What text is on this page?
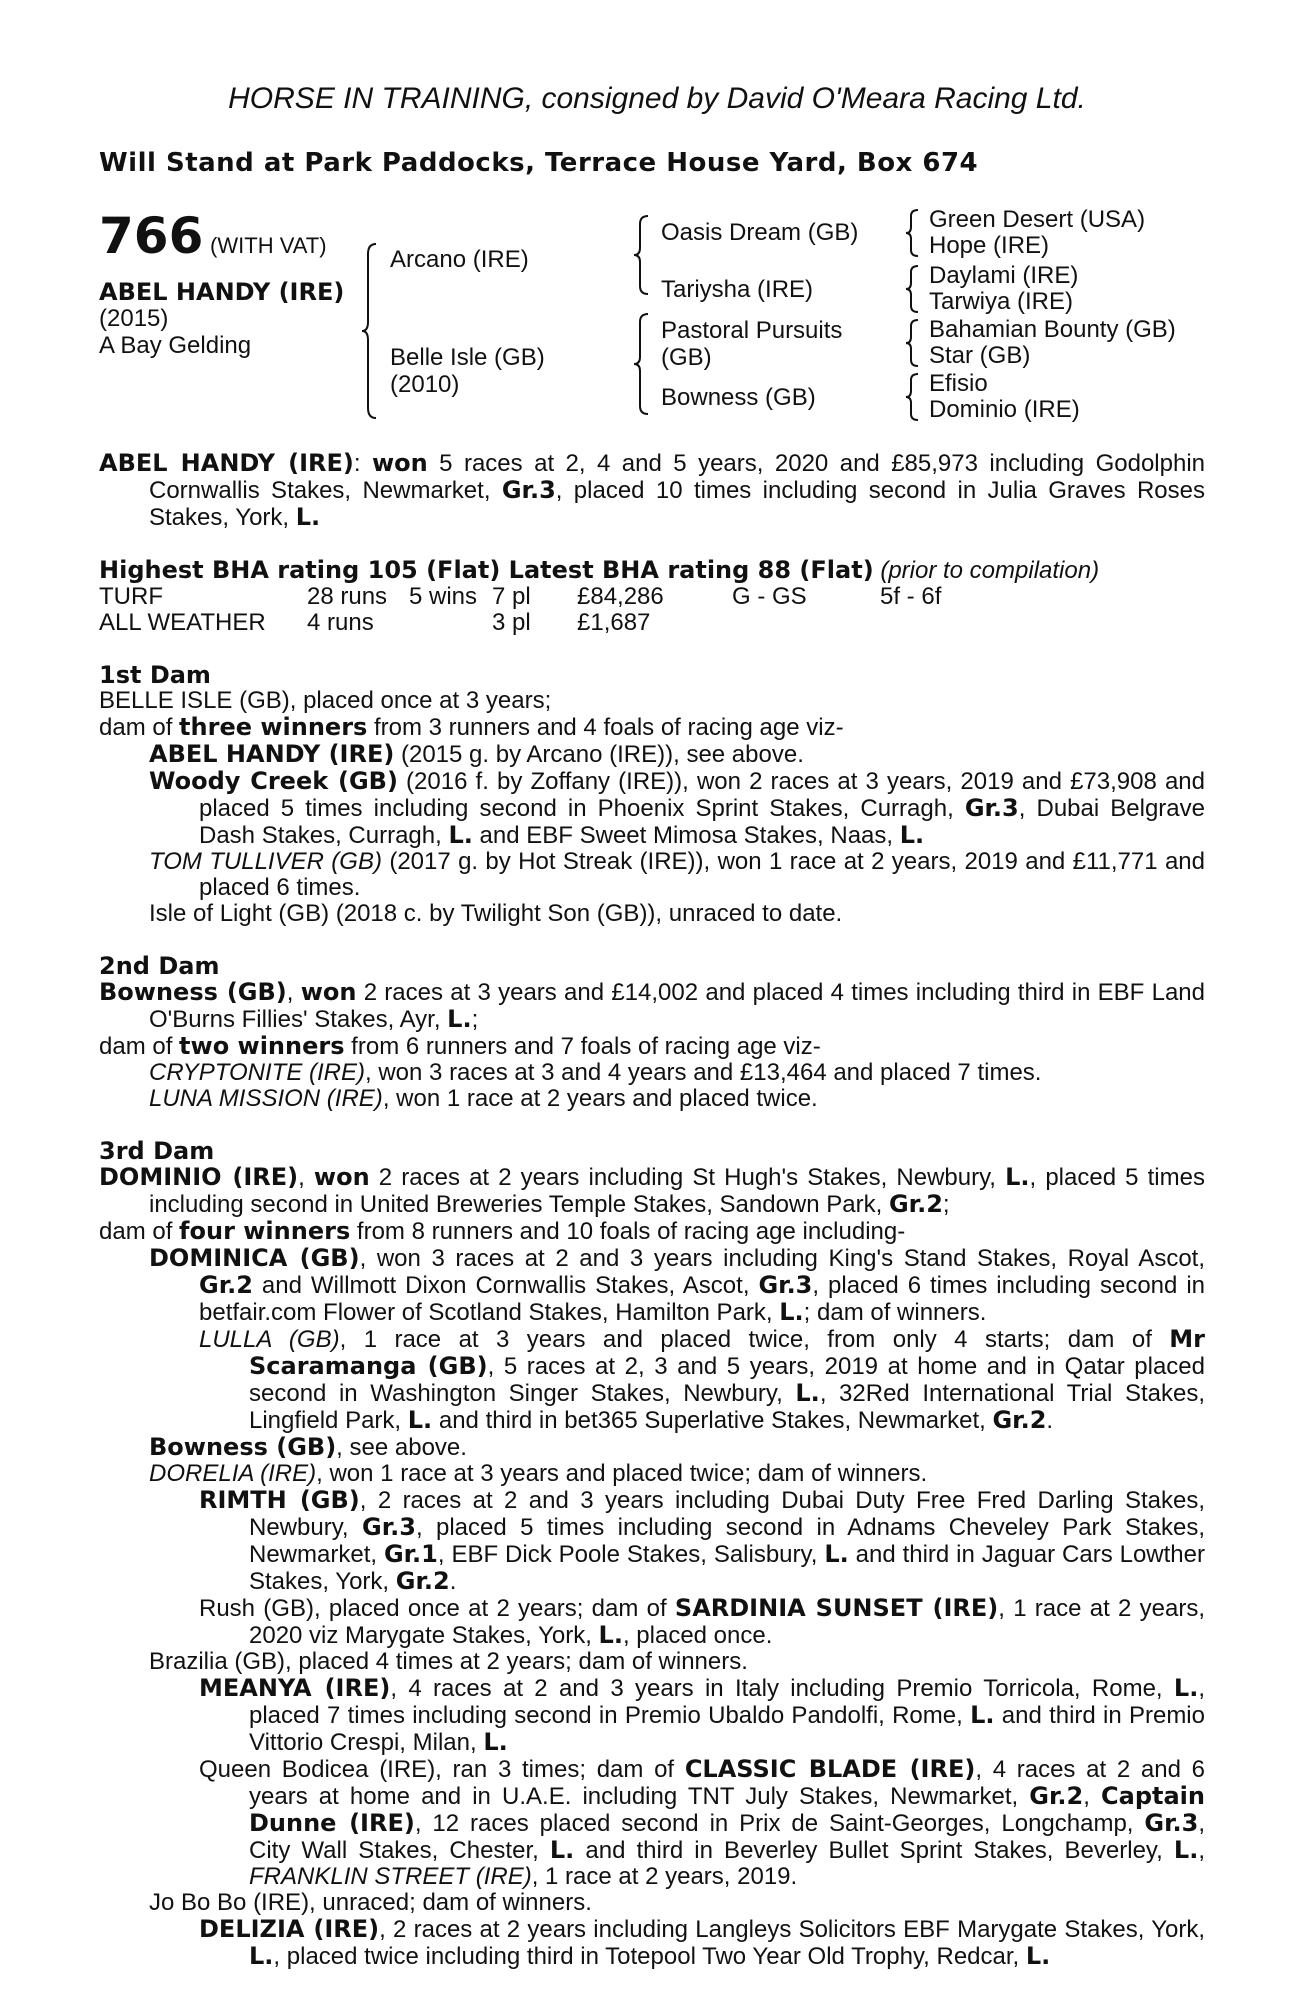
HORSE IN TRAINING, consigned by David O'Meara Racing Ltd.
Will Stand at Park Paddocks, Terrace House Yard, Box 674
766 (WITH VAT)
ABEL HANDY (IRE)
(2015)
A Bay Gelding
Arcano (IRE)
Belle Isle (GB)
(2010)
Oasis Dream (GB)
Tariysha (IRE)
Pastoral Pursuits
(GB)
Bowness (GB)
Green Desert (USA)
Hope (IRE)
Daylami (IRE)
Tarwiya (IRE)
Bahamian Bounty (GB)
Star (GB)
Efisio
Dominio (IRE)

ABEL HANDY (IRE): won 5 races at 2, 4 and 5 years, 2020 and £85,973 including Godolphin Cornwallis Stakes, Newmarket, Gr.3, placed 10 times including second in Julia Graves Roses Stakes, York, L.

Highest BHA rating 105 (Flat) Latest BHA rating 88 (Flat) (prior to compilation)
TURF	28 runs 5 wins 7 pl £84,286	G - GS	5f - 6f
ALL WEATHER 4 runs	3 pl £1,687
1st Dam

BELLE ISLE (GB), placed once at 3 years;

dam of three winners from 3 runners and 4 foals of racing age viz-

ABEL HANDY (IRE) (2015 g. by Arcano (IRE)), see above.

Woody Creek (GB) (2016 f. by Zoffany (IRE)), won 2 races at 3 years, 2019 and £73,908 and placed 5 times including second in Phoenix Sprint Stakes, Curragh, Gr.3, Dubai Belgrave Dash Stakes, Curragh, L. and EBF Sweet Mimosa Stakes, Naas, L.

TOM TULLIVER (GB) (2017 g. by Hot Streak (IRE)), won 1 race at 2 years, 2019 and £11,771 and placed 6 times.

Isle of Light (GB) (2018 c. by Twilight Son (GB)), unraced to date.

2nd Dam

Bowness (GB), won 2 races at 3 years and £14,002 and placed 4 times including third in EBF Land O'Burns Fillies' Stakes, Ayr, L.;

dam of two winners from 6 runners and 7 foals of racing age viz-

CRYPTONITE (IRE), won 3 races at 3 and 4 years and £13,464 and placed 7 times.

LUNA MISSION (IRE), won 1 race at 2 years and placed twice.

3rd Dam

DOMINIO (IRE), won 2 races at 2 years including St Hugh's Stakes, Newbury, L., placed 5 times including second in United Breweries Temple Stakes, Sandown Park, Gr.2;

dam of four winners from 8 runners and 10 foals of racing age including-

DOMINICA (GB), won 3 races at 2 and 3 years including King's Stand Stakes, Royal Ascot, Gr.2 and Willmott Dixon Cornwallis Stakes, Ascot, Gr.3, placed 6 times including second in betfair.com Flower of Scotland Stakes, Hamilton Park, L.; dam of winners.

LULLA (GB), 1 race at 3 years and placed twice, from only 4 starts; dam of Mr Scaramanga (GB), 5 races at 2, 3 and 5 years, 2019 at home and in Qatar placed second in Washington Singer Stakes, Newbury, L., 32Red International Trial Stakes, Lingfield Park, L. and third in bet365 Superlative Stakes, Newmarket, Gr.2.

Bowness (GB), see above.

DORELIA (IRE), won 1 race at 3 years and placed twice; dam of winners.

RIMTH (GB), 2 races at 2 and 3 years including Dubai Duty Free Fred Darling Stakes, Newbury, Gr.3, placed 5 times including second in Adnams Cheveley Park Stakes, Newmarket, Gr.1, EBF Dick Poole Stakes, Salisbury, L. and third in Jaguar Cars Lowther Stakes, York, Gr.2.

Rush (GB), placed once at 2 years; dam of SARDINIA SUNSET (IRE), 1 race at 2 years, 2020 viz Marygate Stakes, York, L., placed once.

Brazilia (GB), placed 4 times at 2 years; dam of winners.

MEANYA (IRE), 4 races at 2 and 3 years in Italy including Premio Torricola, Rome, L., placed 7 times including second in Premio Ubaldo Pandolfi, Rome, L. and third in Premio Vittorio Crespi, Milan, L.

Queen Bodicea (IRE), ran 3 times; dam of CLASSIC BLADE (IRE), 4 races at 2 and 6 years at home and in U.A.E. including TNT July Stakes, Newmarket, Gr.2, Captain Dunne (IRE), 12 races placed second in Prix de Saint-Georges, Longchamp, Gr.3, City Wall Stakes, Chester, L. and third in Beverley Bullet Sprint Stakes, Beverley, L., FRANKLIN STREET (IRE), 1 race at 2 years, 2019.

Jo Bo Bo (IRE), unraced; dam of winners.

DELIZIA (IRE), 2 races at 2 years including Langleys Solicitors EBF Marygate Stakes, York, L., placed twice including third in Totepool Two Year Old Trophy, Redcar, L.
